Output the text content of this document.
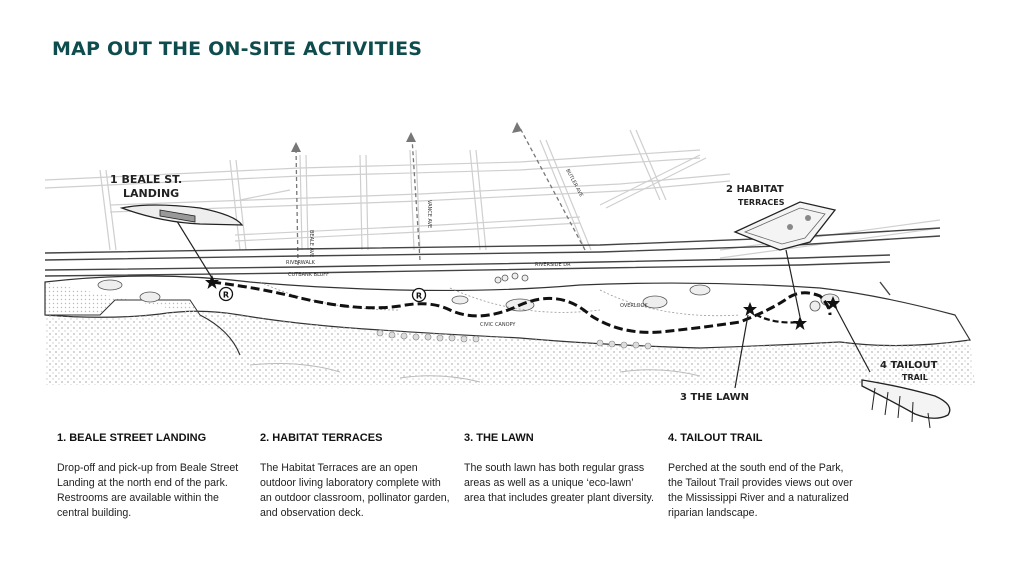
MAP OUT THE ON-SITE ACTIVITIES
R	R
1 BEALE ST.
LANDING	2 HABITAT
TERRACES
3 THE LAWN
4 TAILOUT
TRAIL
BEALE AVE
VANCE AVE
BUTLER AVE
RIVERSIDE DR
CIVIC CANOPY
OVERLOOK
RIVERWALK
CUTBANK BLUFF
1. BEALE STREET LANDING

Drop-off and pick-up from Beale Street Landing at the north end of the park. Restrooms are available within the central building.

2. HABITAT TERRACES

The Habitat Terraces are an open outdoor living laboratory complete with an outdoor classroom, pollinator garden, and observation deck.

3. THE LAWN

The south lawn has both regular grass areas as well as a unique ‘eco-lawn’ area that includes greater plant diversity.

4. TAILOUT TRAIL

Perched at the south end of the Park, the Tailout Trail provides views out over the Mississippi River and a naturalized riparian landscape.
